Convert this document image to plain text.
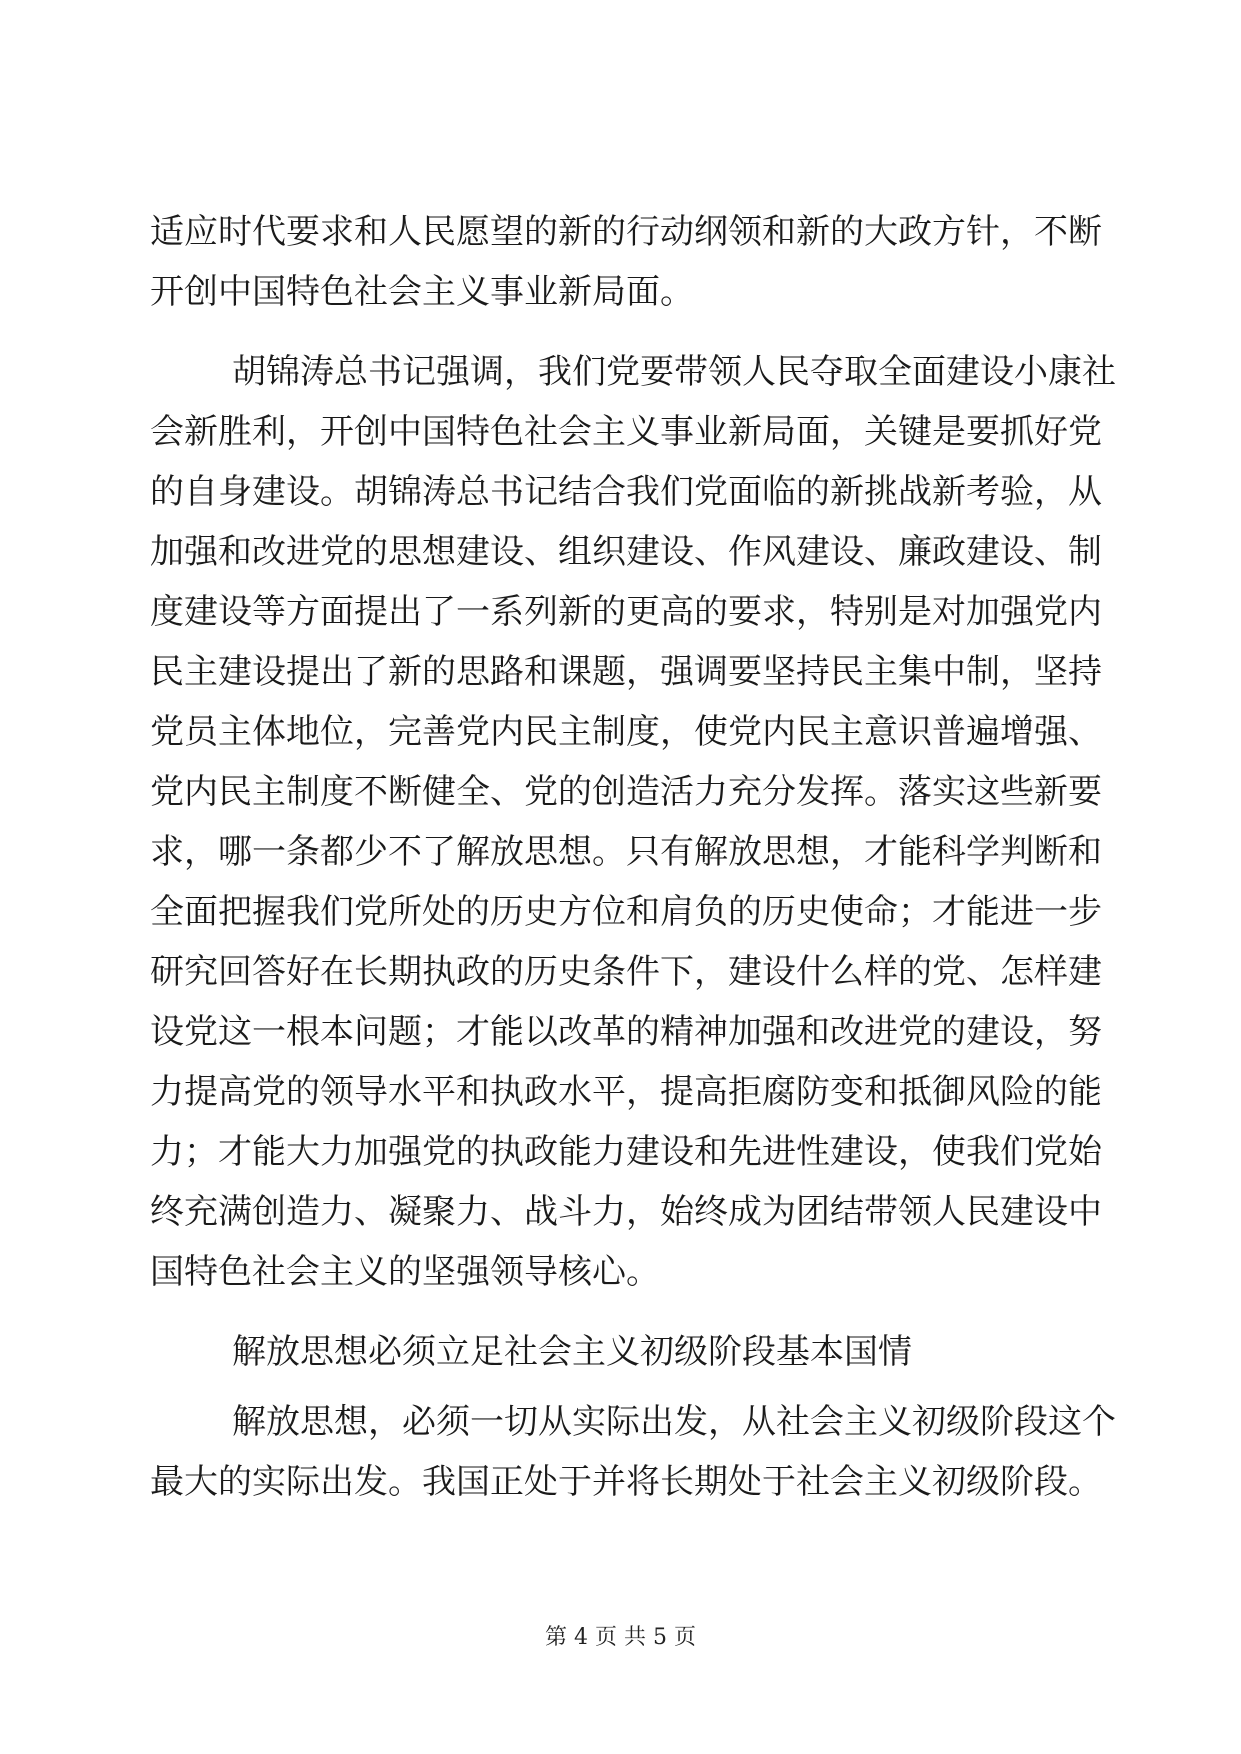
适应时代要求和人民愿望的新的行动纲领和新的大政方针，不断
开创中国特色社会主义事业新局面。
胡锦涛总书记强调，我们党要带领人民夺取全面建设小康社
会新胜利，开创中国特色社会主义事业新局面，关键是要抓好党
的自身建设。胡锦涛总书记结合我们党面临的新挑战新考验，从
加强和改进党的思想建设、组织建设、作风建设、廉政建设、制
度建设等方面提出了一系列新的更高的要求，特别是对加强党内
民主建设提出了新的思路和课题，强调要坚持民主集中制，坚持
党员主体地位，完善党内民主制度，使党内民主意识普遍增强、
党内民主制度不断健全、党的创造活力充分发挥。落实这些新要
求，哪一条都少不了解放思想。只有解放思想，才能科学判断和
全面把握我们党所处的历史方位和肩负的历史使命；才能进一步
研究回答好在长期执政的历史条件下，建设什么样的党、怎样建
设党这一根本问题；才能以改革的精神加强和改进党的建设，努
力提高党的领导水平和执政水平，提高拒腐防变和抵御风险的能
力；才能大力加强党的执政能力建设和先进性建设，使我们党始
终充满创造力、凝聚力、战斗力，始终成为团结带领人民建设中
国特色社会主义的坚强领导核心。
解放思想必须立足社会主义初级阶段基本国情
解放思想，必须一切从实际出发，从社会主义初级阶段这个
最大的实际出发。我国正处于并将长期处于社会主义初级阶段。
第 4 页 共 5 页
